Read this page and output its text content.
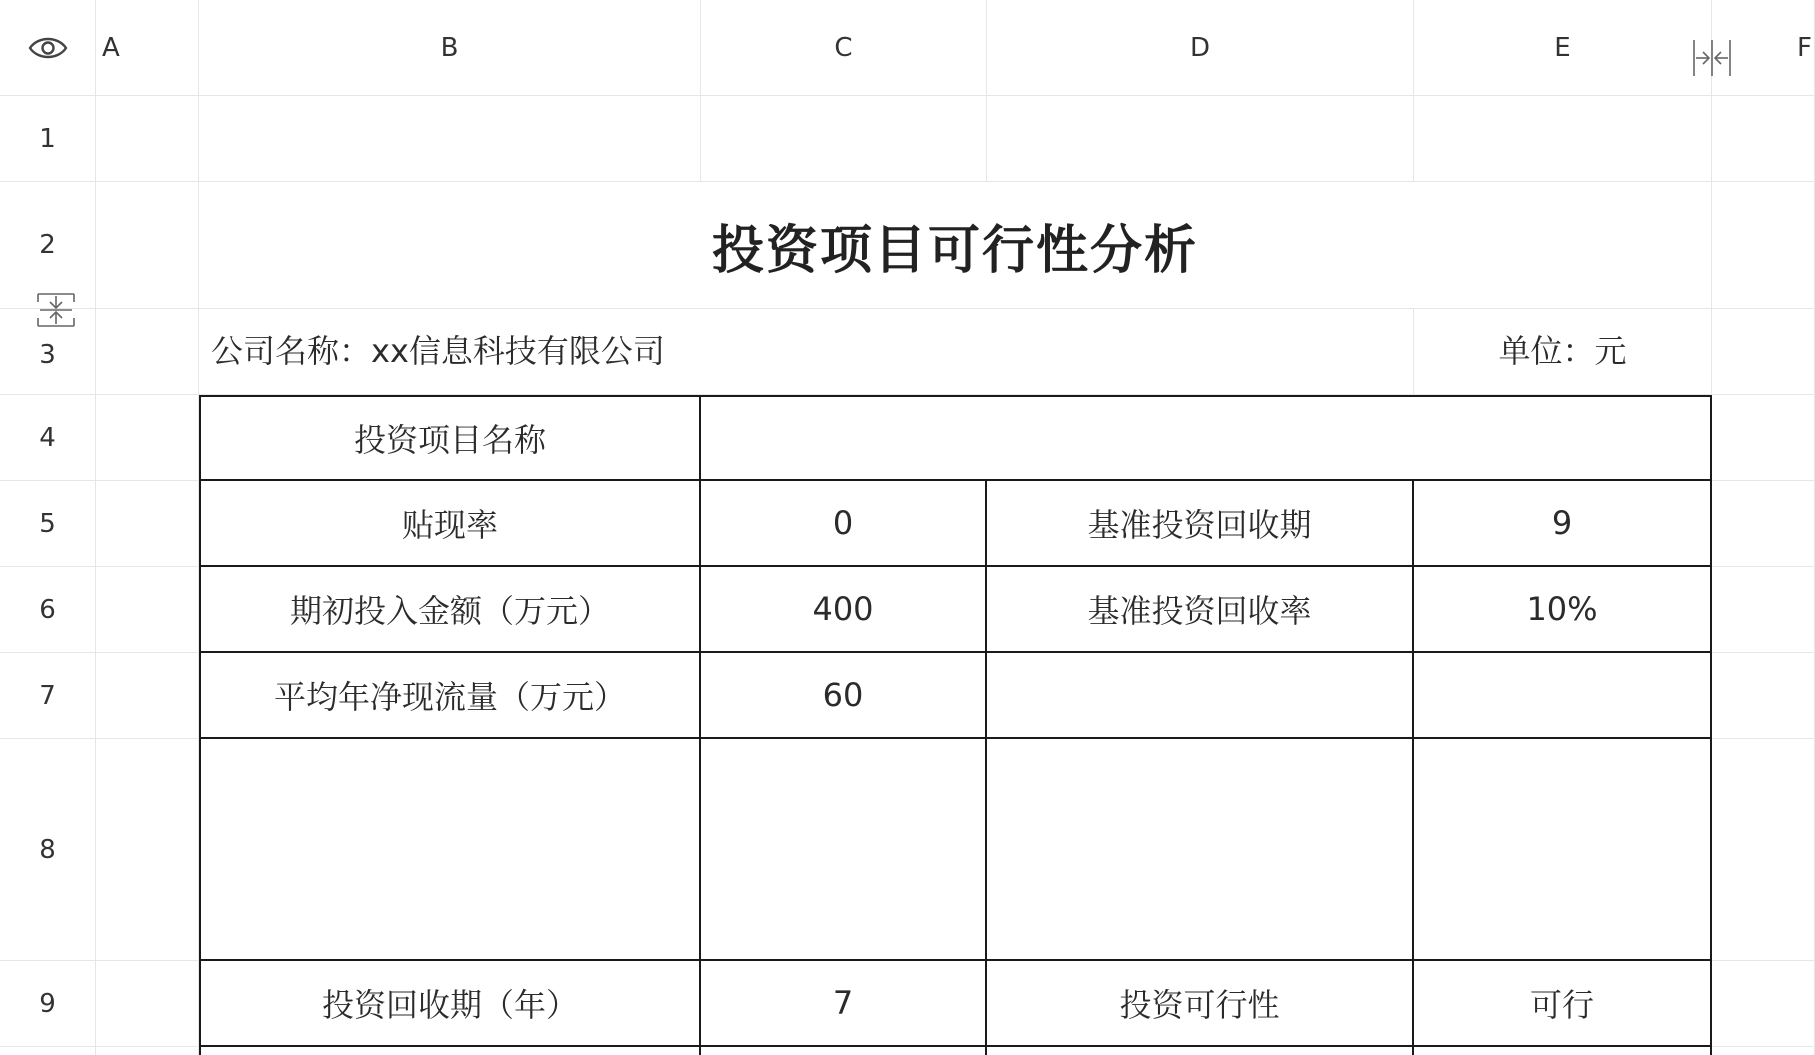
A	B	C	D	E	F
1
2	投资项目可行性分析
3	公司名称：xx信息科技有限公司	单位：元
4	投资项目名称
5	贴现率	0	基准投资回收期	9
6	期初投入金额（万元）	400	基准投资回收率	10%
7	平均年净现流量（万元）	60
8
9	投资回收期（年）	7	投资可行性	可行
